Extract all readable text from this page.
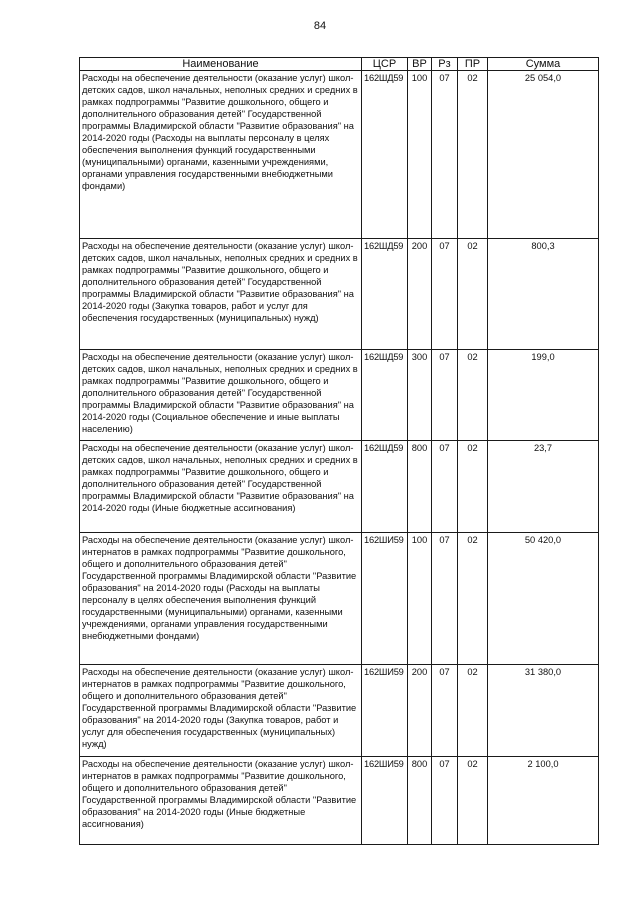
84
Наименование	ЦСР	ВР	Рз	ПР	Сумма
Расходы на обеспечение деятельности (оказание услуг) школ-детских садов, школ начальных, неполных средних и средних в рамках подпрограммы "Развитие дошкольного, общего и дополнительного образования детей" Государственной программы Владимирской области "Развитие образования" на 2014-2020 годы (Расходы на выплаты персоналу в целях обеспечения выполнения функций государственными (муниципальными) органами, казенными учреждениями, органами управления государственными внебюджетными фондами)	162ШД59	100	07	02	25 054,0
Расходы на обеспечение деятельности (оказание услуг) школ-детских садов, школ начальных, неполных средних и средних в рамках подпрограммы "Развитие дошкольного, общего и дополнительного образования детей" Государственной программы Владимирской области "Развитие образования" на 2014-2020 годы (Закупка товаров, работ и услуг для обеспечения государственных (муниципальных) нужд)	162ШД59	200	07	02	800,3
Расходы на обеспечение деятельности (оказание услуг) школ-детских садов, школ начальных, неполных средних и средних в рамках подпрограммы "Развитие дошкольного, общего и дополнительного образования детей" Государственной программы Владимирской области "Развитие образования" на 2014-2020 годы (Социальное обеспечение и иные выплаты населению)	162ШД59	300	07	02	199,0
Расходы на обеспечение деятельности (оказание услуг) школ-детских садов, школ начальных, неполных средних и средних в рамках подпрограммы "Развитие дошкольного, общего и дополнительного образования детей" Государственной программы Владимирской области "Развитие образования" на 2014-2020 годы (Иные бюджетные ассигнования)	162ШД59	800	07	02	23,7
Расходы на обеспечение деятельности (оказание услуг) школ-интернатов в рамках подпрограммы "Развитие дошкольного, общего и дополнительного образования детей" Государственной программы Владимирской области "Развитие образования" на 2014-2020 годы (Расходы на выплаты персоналу в целях обеспечения выполнения функций государственными (муниципальными) органами, казенными учреждениями, органами управления государственными внебюджетными фондами)	162ШИ59	100	07	02	50 420,0
Расходы на обеспечение деятельности (оказание услуг) школ-интернатов в рамках подпрограммы "Развитие дошкольного, общего и дополнительного образования детей" Государственной программы Владимирской области "Развитие образования" на 2014-2020 годы (Закупка товаров, работ и услуг для обеспечения государственных (муниципальных) нужд)	162ШИ59	200	07	02	31 380,0
Расходы на обеспечение деятельности (оказание услуг) школ-интернатов в рамках подпрограммы "Развитие дошкольного, общего и дополнительного образования детей" Государственной программы Владимирской области "Развитие образования" на 2014-2020 годы (Иные бюджетные ассигнования)	162ШИ59	800	07	02	2 100,0
